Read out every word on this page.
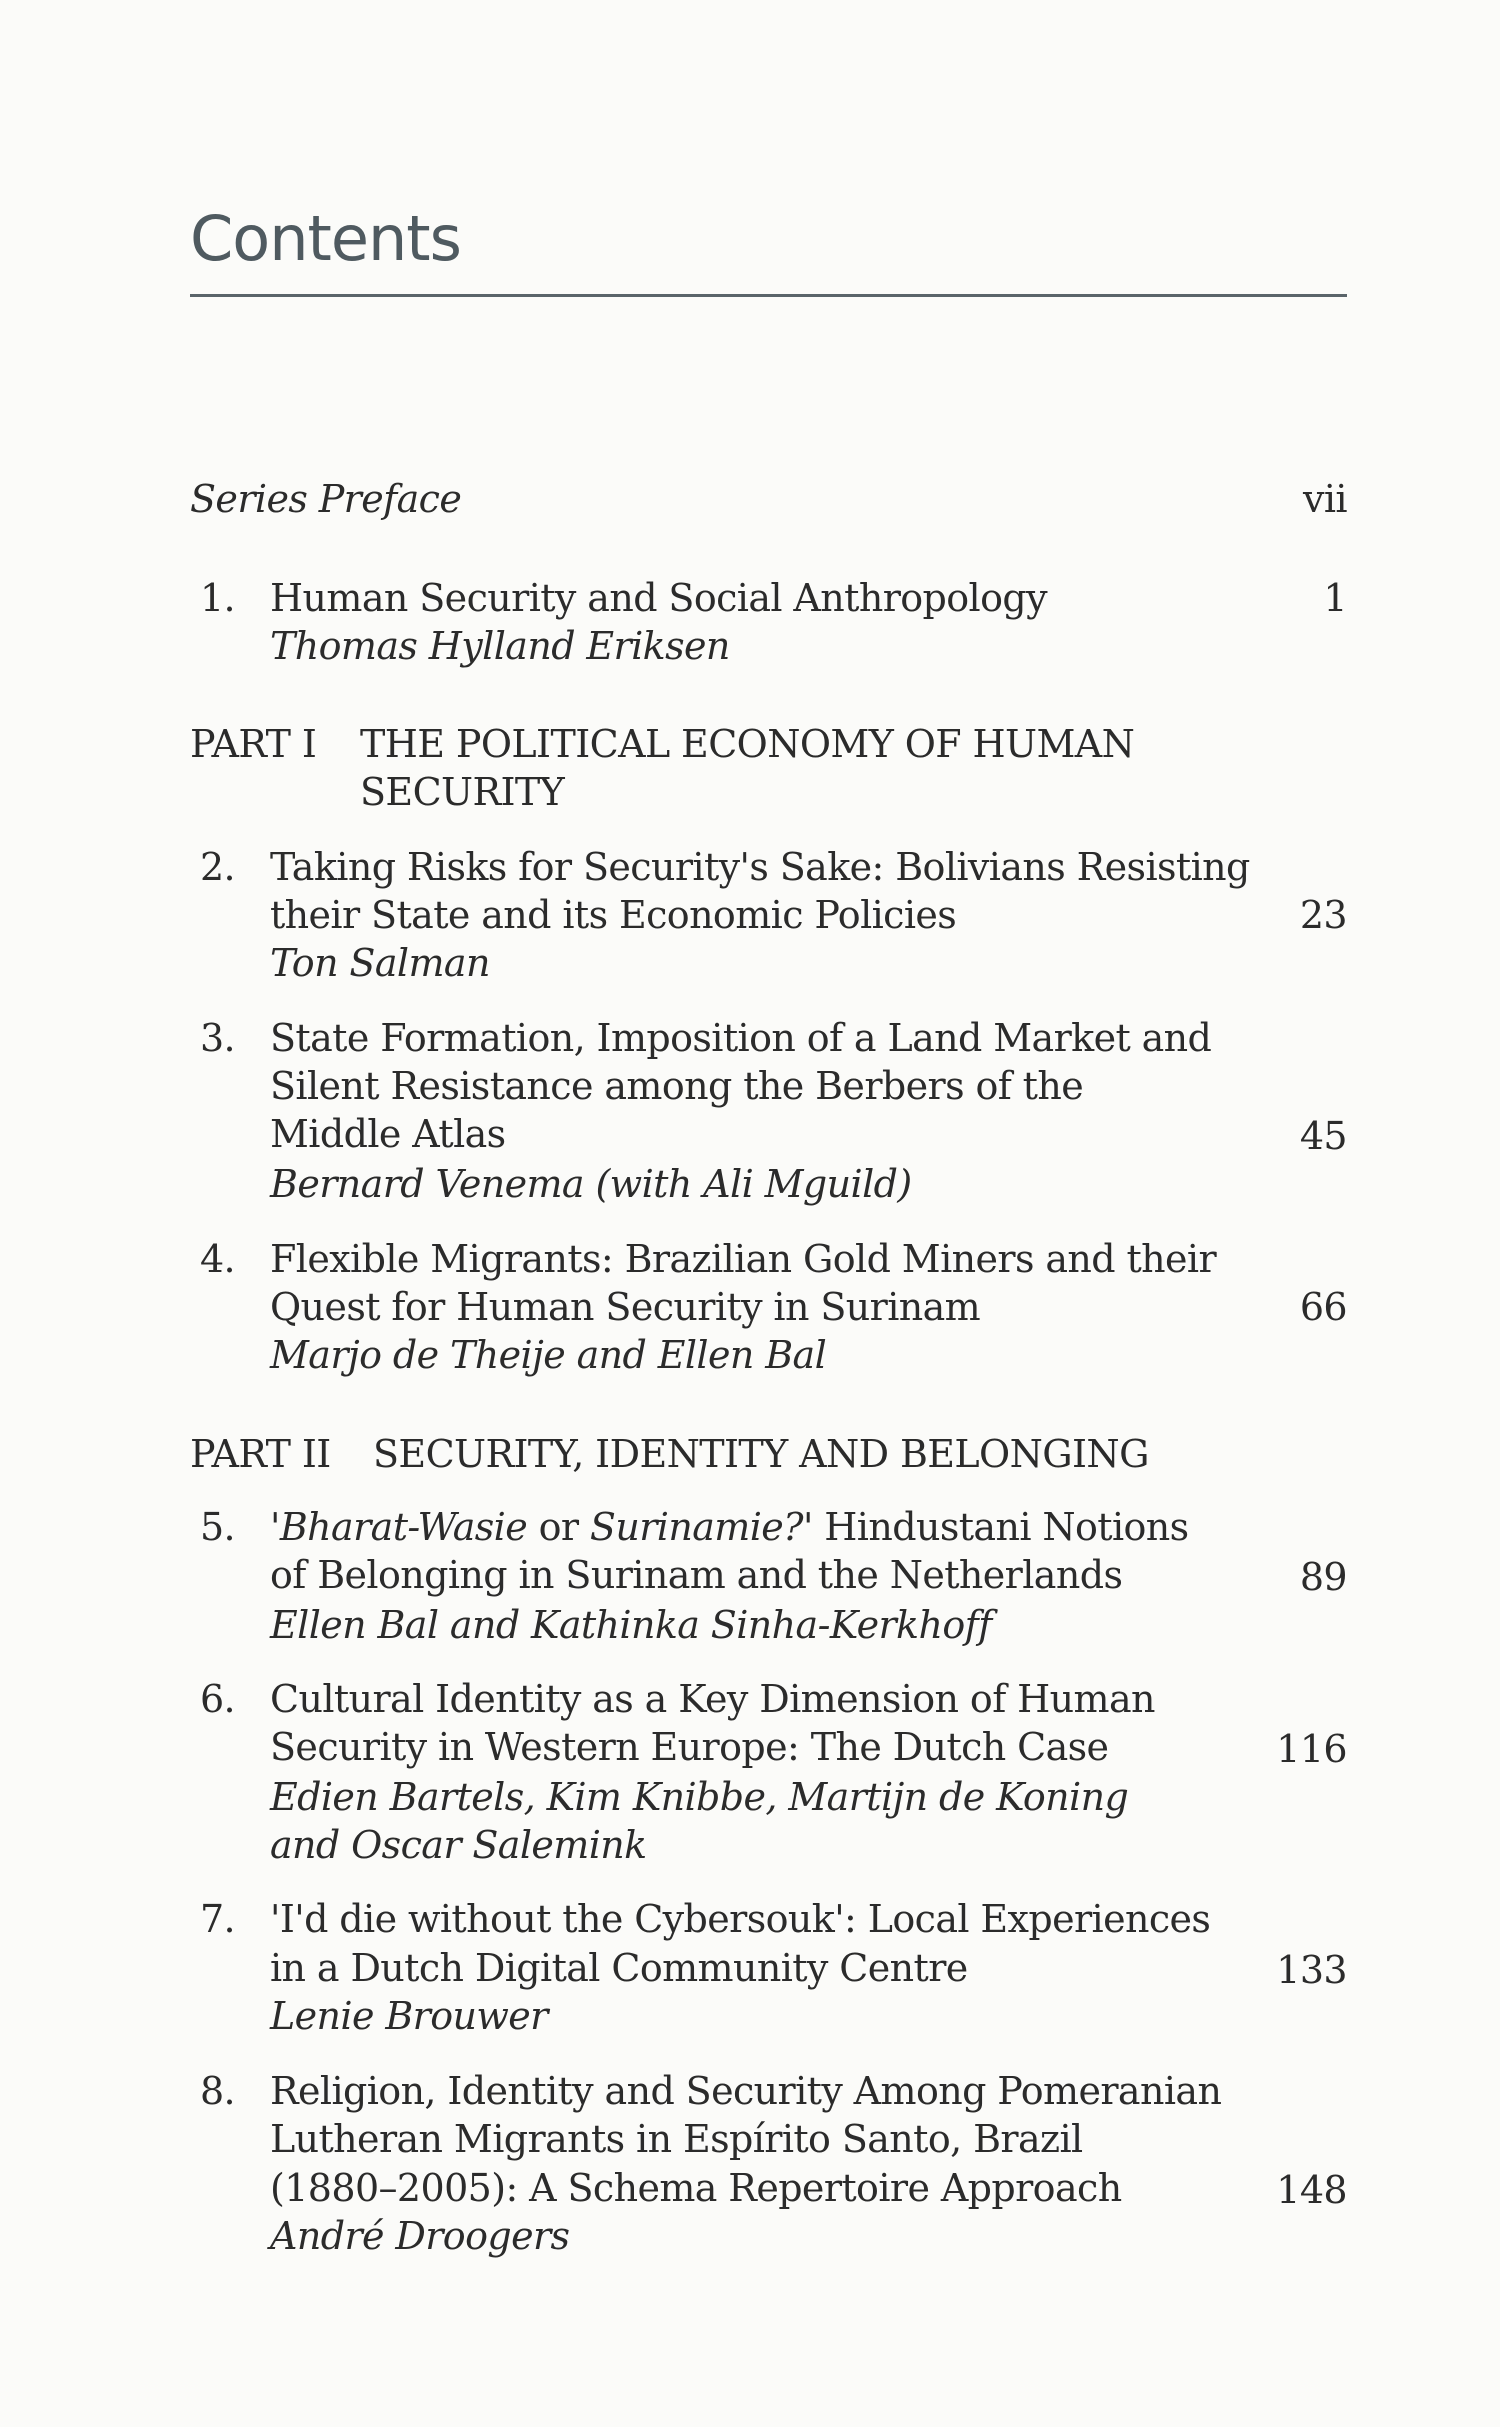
Contents
Series Preface	vii
1. Human Security and Social Anthropology
Thomas Hylland Eriksen
1
PART I THE POLITICAL ECONOMY OF HUMAN
SECURITY
2. Taking Risks for Security's Sake: Bolivians Resisting
their State and its Economic Policies
Ton Salman
23
3. State Formation, Imposition of a Land Market and
Silent Resistance among the Berbers of the
Middle Atlas
Bernard Venema (with Ali Mguild)
45
4. Flexible Migrants: Brazilian Gold Miners and their
Quest for Human Security in Surinam
Marjo de Theije and Ellen Bal
66
PART II SECURITY, IDENTITY AND BELONGING
5. 'Bharat-Wasie or Surinamie?' Hindustani Notions
of Belonging in Surinam and the Netherlands
Ellen Bal and Kathinka Sinha-Kerkhoff
89
6. Cultural Identity as a Key Dimension of Human
Security in Western Europe: The Dutch Case
Edien Bartels, Kim Knibbe, Martijn de Koning
and Oscar Salemink
116
7. 'I'd die without the Cybersouk': Local Experiences
in a Dutch Digital Community Centre
Lenie Brouwer
133
8. Religion, Identity and Security Among Pomeranian
Lutheran Migrants in Espírito Santo, Brazil
(1880–2005): A Schema Repertoire Approach
André Droogers
148
